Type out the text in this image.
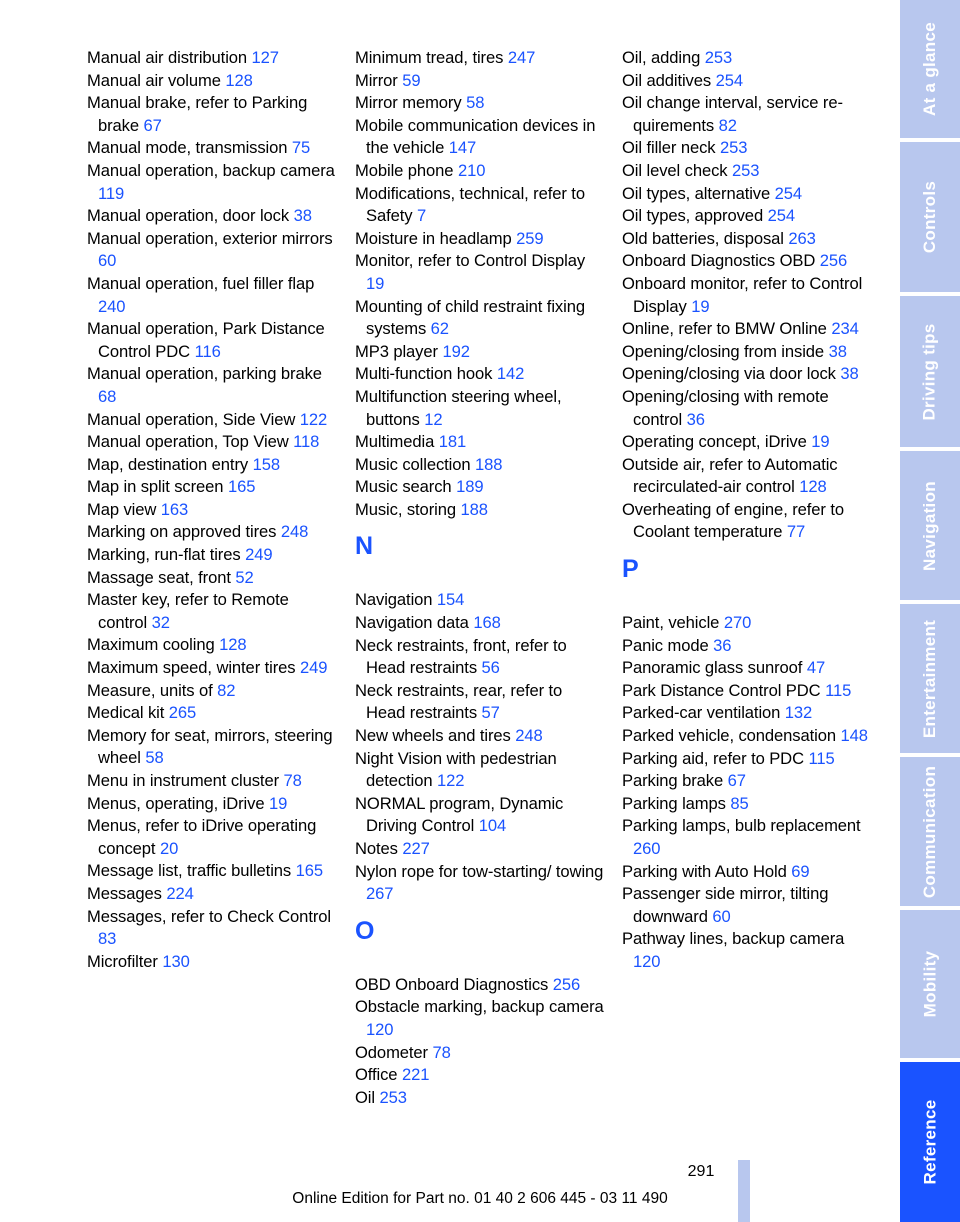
Manual air distribution 127
Manual air volume 128
Manual brake, refer to Parking brake 67
Manual mode, transmission 75
Manual operation, backup camera 119
Manual operation, door lock 38
Manual operation, exterior mirrors 60
Manual operation, fuel filler flap 240
Manual operation, Park Distance Control PDC 116
Manual operation, parking brake 68
Manual operation, Side View 122
Manual operation, Top View 118
Map, destination entry 158
Map in split screen 165
Map view 163
Marking on approved tires 248
Marking, run-flat tires 249
Massage seat, front 52
Master key, refer to Remote control 32
Maximum cooling 128
Maximum speed, winter tires 249
Measure, units of 82
Medical kit 265
Memory for seat, mirrors, steering wheel 58
Menu in instrument cluster 78
Menus, operating, iDrive 19
Menus, refer to iDrive operating concept 20
Message list, traffic bulletins 165
Messages 224
Messages, refer to Check Control 83
Microfilter 130
Minimum tread, tires 247
Mirror 59
Mirror memory 58
Mobile communication devices in the vehicle 147
Mobile phone 210
Modifications, technical, refer to Safety 7
Moisture in headlamp 259
Monitor, refer to Control Display 19
Mounting of child restraint fixing systems 62
MP3 player 192
Multi-function hook 142
Multifunction steering wheel, buttons 12
Multimedia 181
Music collection 188
Music search 189
Music, storing 188
N
Navigation 154
Navigation data 168
Neck restraints, front, refer to Head restraints 56
Neck restraints, rear, refer to Head restraints 57
New wheels and tires 248
Night Vision with pedestrian detection 122
NORMAL program, Dynamic Driving Control 104
Notes 227
Nylon rope for tow-starting/ towing 267
O
OBD Onboard Diagnostics 256
Obstacle marking, backup camera 120
Odometer 78
Office 221
Oil 253
Oil, adding 253
Oil additives 254
Oil change interval, service requirements 82
Oil filler neck 253
Oil level check 253
Oil types, alternative 254
Oil types, approved 254
Old batteries, disposal 263
Onboard Diagnostics OBD 256
Onboard monitor, refer to Control Display 19
Online, refer to BMW Online 234
Opening/closing from inside 38
Opening/closing via door lock 38
Opening/closing with remote control 36
Operating concept, iDrive 19
Outside air, refer to Automatic recirculated-air control 128
Overheating of engine, refer to Coolant temperature 77
P
Paint, vehicle 270
Panic mode 36
Panoramic glass sunroof 47
Park Distance Control PDC 115
Parked-car ventilation 132
Parked vehicle, condensation 148
Parking aid, refer to PDC 115
Parking brake 67
Parking lamps 85
Parking lamps, bulb replacement 260
Parking with Auto Hold 69
Passenger side mirror, tilting downward 60
Pathway lines, backup camera 120
At a glance
Controls
Driving tips
Navigation
Entertainment
Communication
Mobility
Reference
291
Online Edition for Part no. 01 40 2 606 445 - 03 11 490
